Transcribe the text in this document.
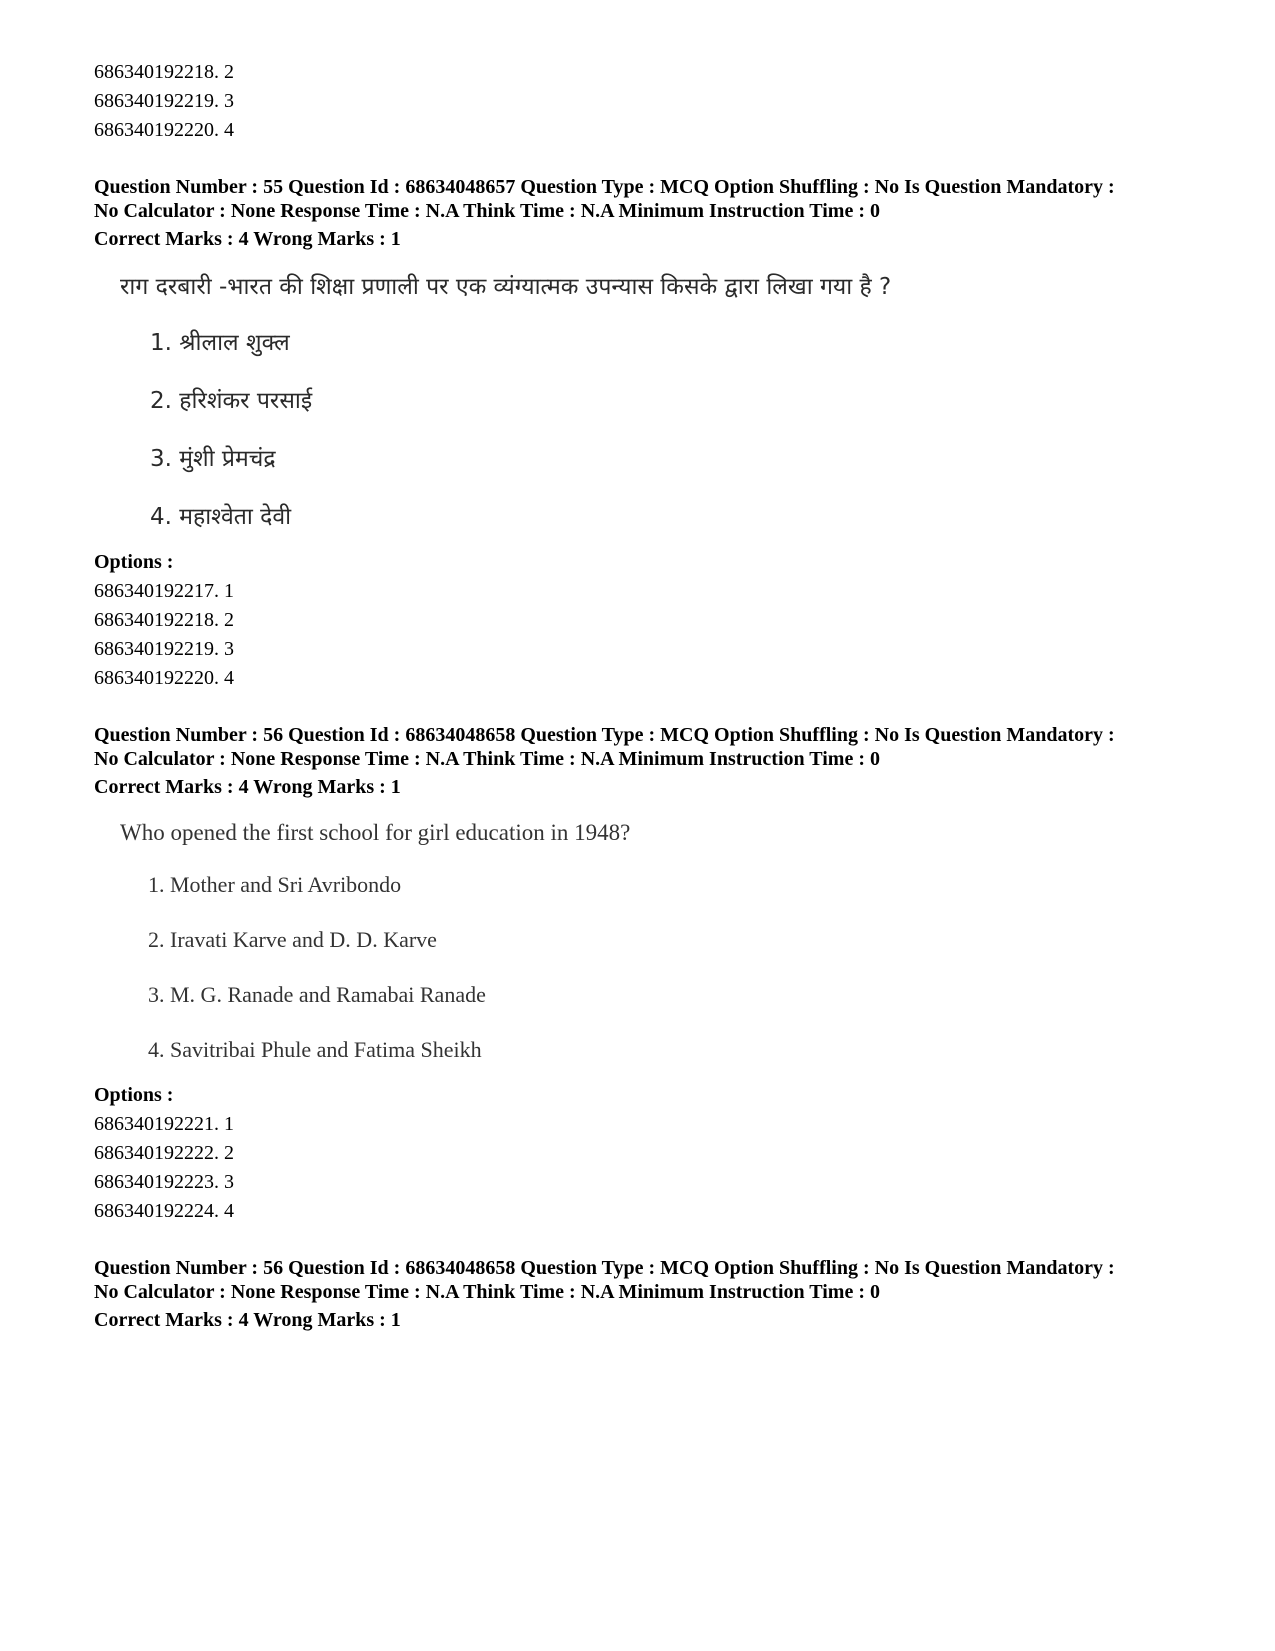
686340192218. 2
686340192219. 3
686340192220. 4
Question Number : 55 Question Id : 68634048657 Question Type : MCQ Option Shuffling : No Is Question Mandatory :
No Calculator : None Response Time : N.A Think Time : N.A Minimum Instruction Time : 0
Correct Marks : 4 Wrong Marks : 1
राग दरबारी -भारत की शिक्षा प्रणाली पर एक व्यंग्यात्मक उपन्यास किसके द्वारा लिखा गया है ?
1. श्रीलाल शुक्ल
2. हरिशंकर परसाई
3. मुंशी प्रेमचंद्र
4. महाश्वेता देवी
Options :
686340192217. 1
686340192218. 2
686340192219. 3
686340192220. 4
Question Number : 56 Question Id : 68634048658 Question Type : MCQ Option Shuffling : No Is Question Mandatory :
No Calculator : None Response Time : N.A Think Time : N.A Minimum Instruction Time : 0
Correct Marks : 4 Wrong Marks : 1
Who opened the first school for girl education in 1948?
1. Mother and Sri Avribondo
2. Iravati Karve and D. D. Karve
3. M. G. Ranade and Ramabai Ranade
4. Savitribai Phule and Fatima Sheikh
Options :
686340192221. 1
686340192222. 2
686340192223. 3
686340192224. 4
Question Number : 56 Question Id : 68634048658 Question Type : MCQ Option Shuffling : No Is Question Mandatory :
No Calculator : None Response Time : N.A Think Time : N.A Minimum Instruction Time : 0
Correct Marks : 4 Wrong Marks : 1
